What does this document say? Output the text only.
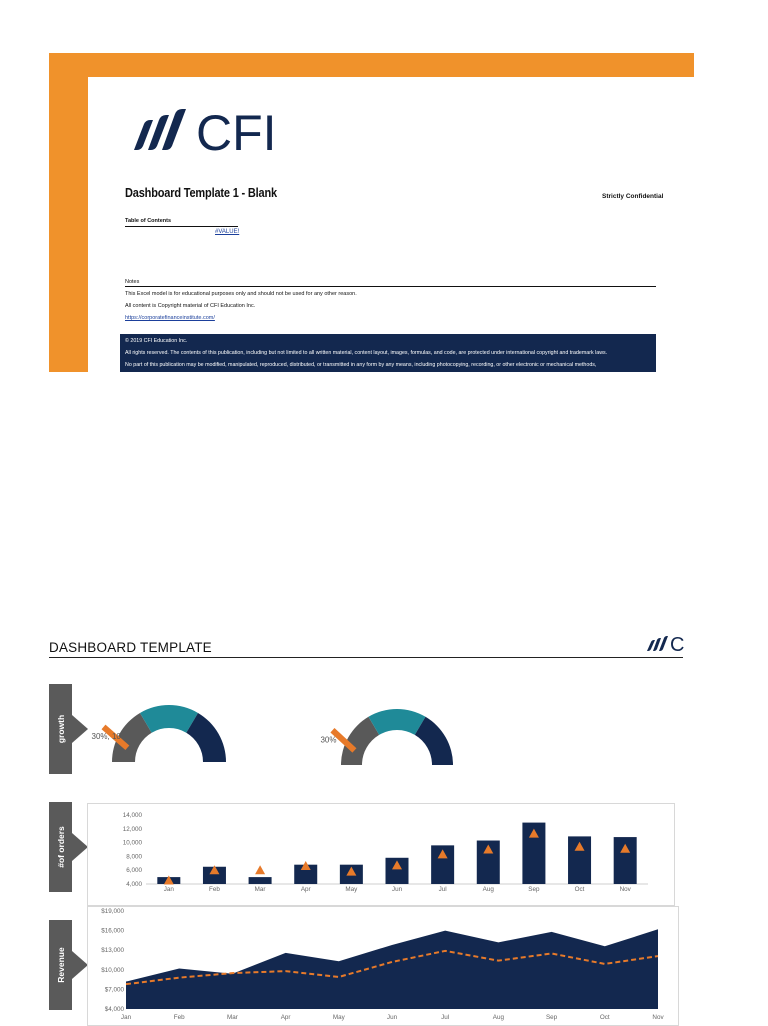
CFI
Dashboard Template 1 - Blank	Strictly Confidential
Table of Contents
#VALUE!
Notes
This Excel model is for educational purposes only and should not be used for any other reason.
All content is Copyright material of CFI Education Inc.
https://corporatefinanceinstitute.com/
© 2019 CFI Education Inc.
All rights reserved. The contents of this publication, including but not limited to all written material, content layout, images, formulas, and code, are protected under international copyright and trademark laws.
No part of this publication may be modified, manipulated, reproduced, distributed, or transmitted in any form by any means, including photocopying, recording, or other electronic or mechanical methods,
DASHBOARD TEMPLATE	C
growth
#of orders
Revenue
30%, 10	30%
4,000
6,000
8,000
10,000
12,000
14,000
Jan	Feb	Mar	Apr	May	Jun	Jul	Aug	Sep	Oct	Nov
$4,000
$7,000
$10,000
$13,000
$16,000
$19,000
Jan	Feb	Mar	Apr	May	Jun	Jul	Aug	Sep	Oct	Nov
